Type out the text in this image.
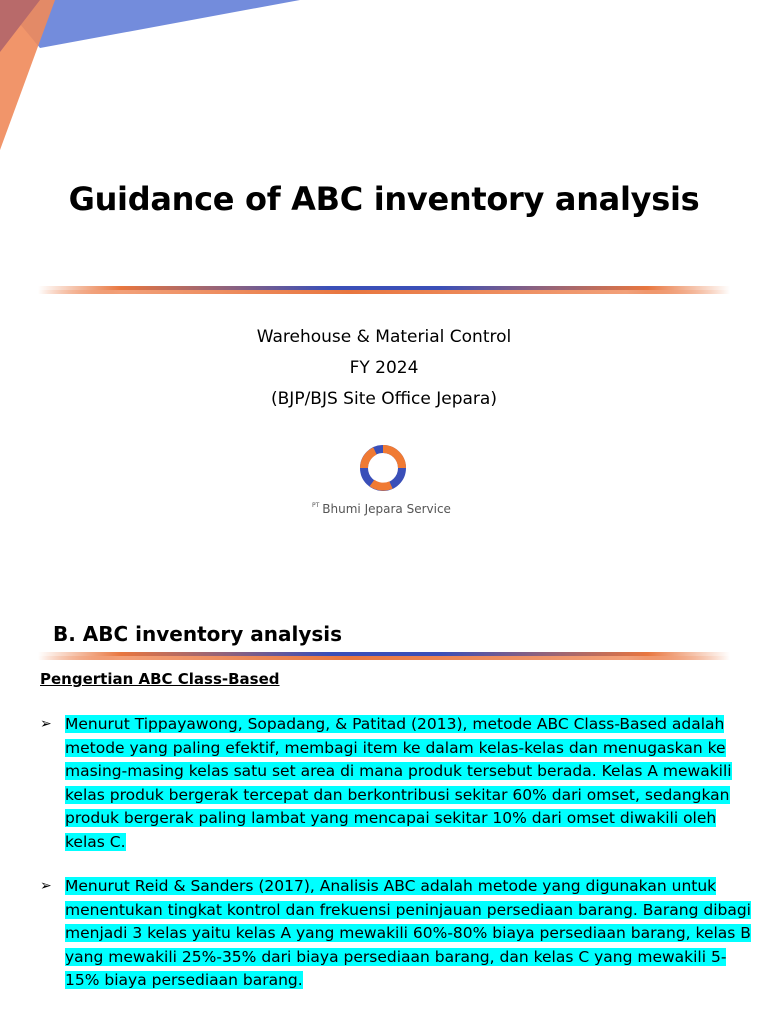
Guidance of ABC inventory analysis
Warehouse & Material Control
FY 2024
(BJP/BJS Site Office Jepara)
$^{PT}$ Bhumi Jepara Service
B. ABC inventory analysis
Pengertian ABC Class-Based
➢ Menurut Tippayawong, Sopadang, & Patitad (2013), metode ABC Class-Based adalah metode yang paling efektif, membagi item ke dalam kelas-kelas dan menugaskan ke masing-masing kelas satu set area di mana produk tersebut berada. Kelas A mewakili kelas produk bergerak tercepat dan berkontribusi sekitar 60% dari omset, sedangkan produk bergerak paling lambat yang mencapai sekitar 10% dari omset diwakili oleh kelas C.
➢ Menurut Reid & Sanders (2017), Analisis ABC adalah metode yang digunakan untuk menentukan tingkat kontrol dan frekuensi peninjauan persediaan barang. Barang dibagi menjadi 3 kelas yaitu kelas A yang mewakili 60%-80% biaya persediaan barang, kelas B yang mewakili 25%-35% dari biaya persediaan barang, dan kelas C yang mewakili 5-15% biaya persediaan barang.
